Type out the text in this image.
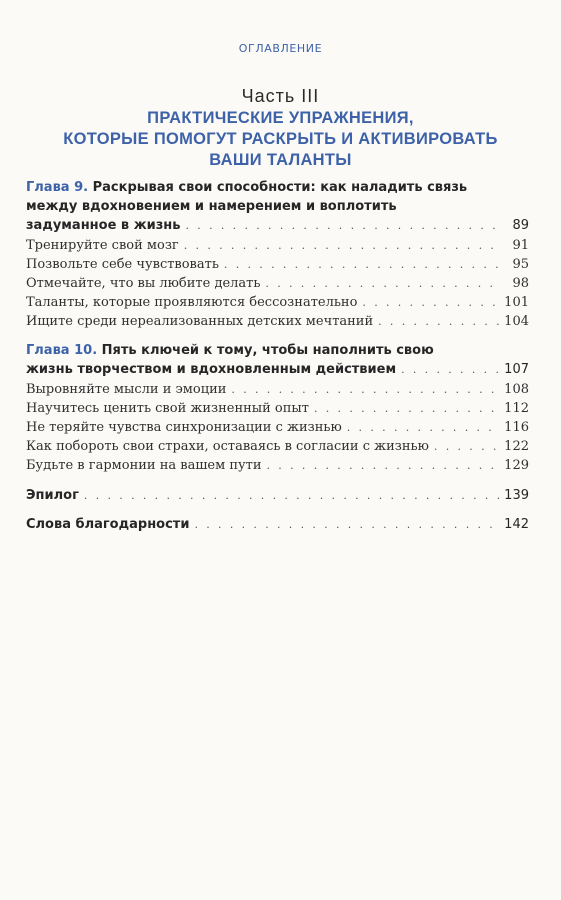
ОГЛАВЛЕНИЕ
Часть III
ПРАКТИЧЕСКИЕ УПРАЖНЕНИЯ,
КОТОРЫЕ ПОМОГУТ РАСКРЫТЬ И АКТИВИРОВАТЬ
ВАШИ ТАЛАНТЫ
Глава 9. Раскрывая свои способности: как наладить связь
между вдохновением и намерением и воплотить
задуманное в жизнь . . .	89
Тренируйте свой мозг . . .	91
Позвольте себе чувствовать . . .	95
Отмечайте, что вы любите делать . . .	98
Таланты, которые проявляются бессознательно . . .	101
Ищите среди нереализованных детских мечтаний . . .	104
Глава 10. Пять ключей к тому, чтобы наполнить свою
жизнь творчеством и вдохновленным действием . . .	107
Выровняйте мысли и эмоции . . .	108
Научитесь ценить свой жизненный опыт . . .	112
Не теряйте чувства синхронизации с жизнью . . .	116
Как побороть свои страхи, оставаясь в согласии с жизнью . . .	122
Будьте в гармонии на вашем пути . . .	129
Эпилог . . .	139
Слова благодарности . . .	142
